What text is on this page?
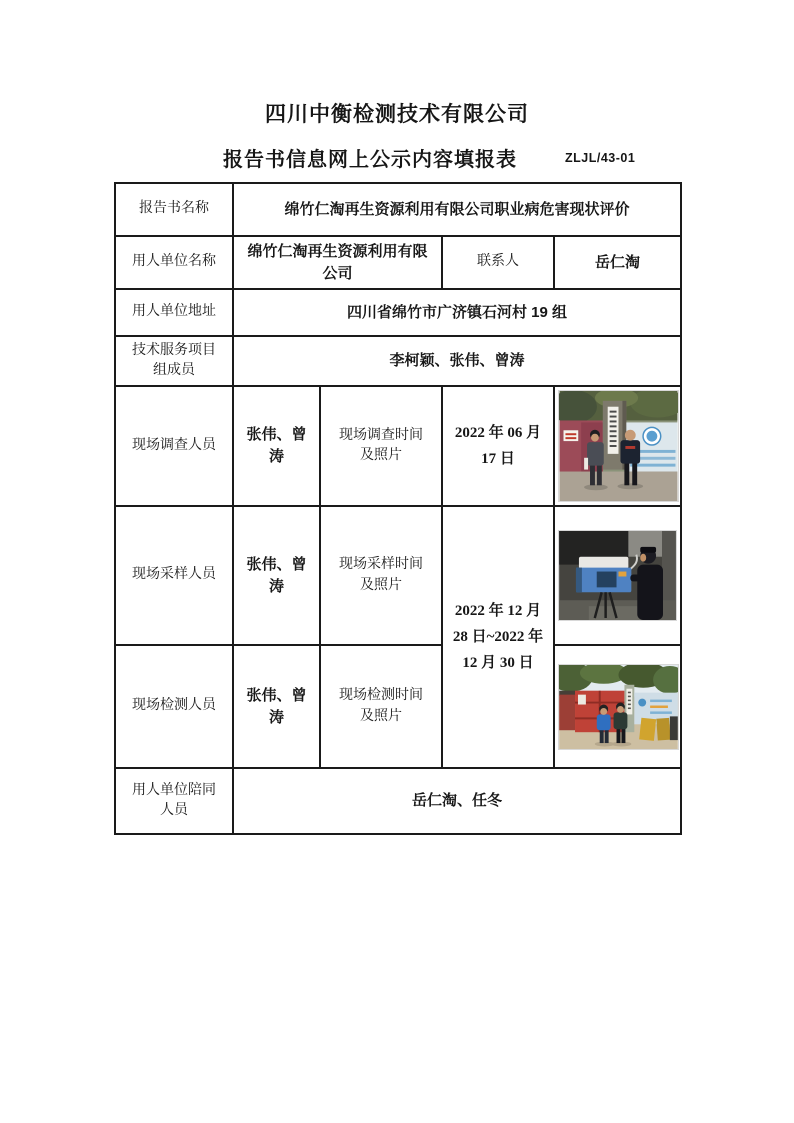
四川中衡检测技术有限公司
报告书信息网上公示内容填报表	ZLJL/43-01
报告书名称	绵竹仁淘再生资源利用有限公司职业病危害现状评价			
用人单位名称	绵竹仁淘再生资源利用有限公司		联系人	岳仁淘
用人单位地址	四川省绵竹市广济镇石河村 19 组			
技术服务项目组成员	李柯颖、张伟、曾涛			
现场调查人员	张伟、曾涛	现场调查时间及照片	2022 年 06 月 17 日	

现场采样人员	张伟、曾涛	现场采样时间及照片	2022 年 12 月 28 日~2022 年 12 月 30 日	

现场检测人员	张伟、曾涛	现场检测时间及照片	

用人单位陪同人员	岳仁淘、任冬			
